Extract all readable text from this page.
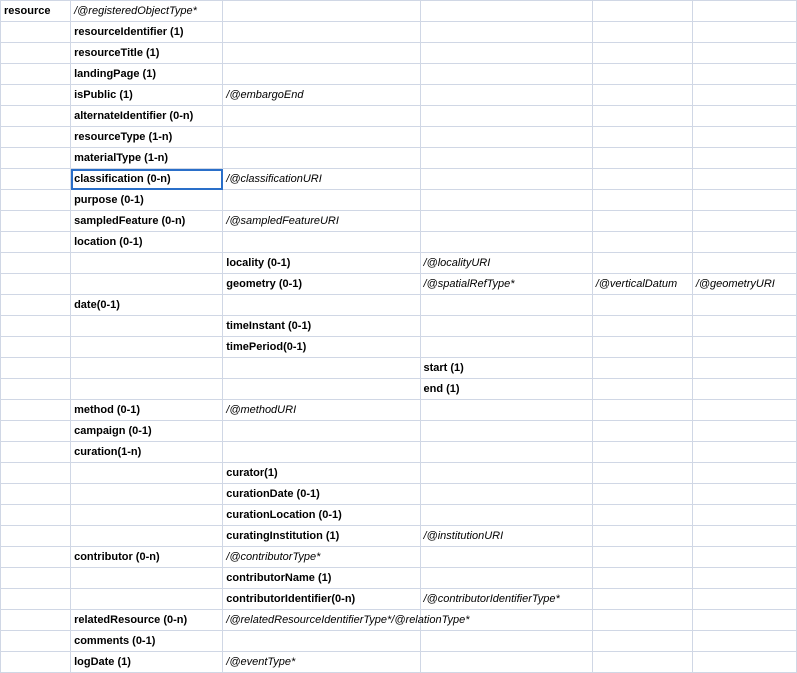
resource	/@registeredObjectType*				
	resourceIdentifier (1)				
	resourceTitle (1)				
	landingPage (1)				
	isPublic (1)	/@embargoEnd			
	alternateIdentifier (0-n)				
	resourceType (1-n)				
	materialType (1-n)				
	classification (0-n)	/@classificationURI			
	purpose (0-1)				
	sampledFeature (0-n)	/@sampledFeatureURI			
	location (0-1)				
		locality (0-1)	/@localityURI		
		geometry (0-1)	/@spatialRefType*	/@verticalDatum	/@geometryURI
	date(0-1)				
		timeInstant (0-1)			
		timePeriod(0-1)			
			start (1)		
			end (1)		
	method (0-1)	/@methodURI			
	campaign (0-1)				
	curation(1-n)				
		curator(1)			
		curationDate (0-1)			
		curationLocation (0-1)			
		curatingInstitution (1)	/@institutionURI		
	contributor (0-n)	/@contributorType*			
		contributorName (1)			
		contributorIdentifier(0-n)	/@contributorIdentifierType*		
	relatedResource (0-n)	/@relatedResourceIdentifierType*/@relationType*			
	comments (0-1)				
	logDate (1)	/@eventType*			
